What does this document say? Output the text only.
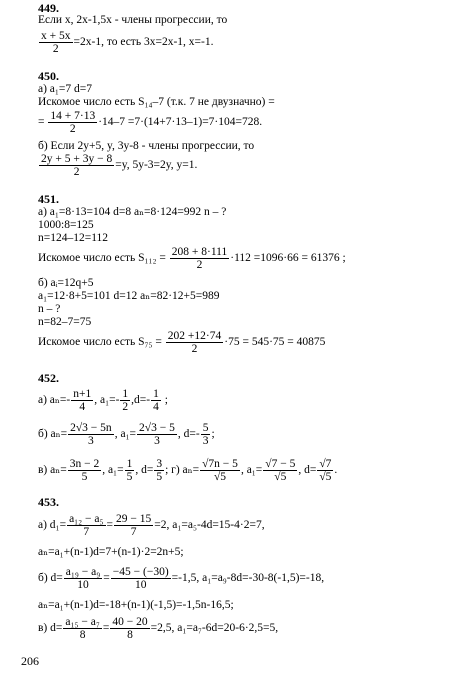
449.
Если x, 2x-1,5x - члены прогрессии, то
$\frac{x + 5x}{2} =2x-1$, то есть 3x=2x-1, x=-1.
450.
а) a₁=7 d=7
Искомое число есть S₁₄–7 (т.к. 7 не двузначно) =
= $\frac{14 + 7\cdot 13}{2} \cdot 14-7 =7\cdot(14+7\cdot 13-1)=7\cdot 104=728$.
б) Если 2y+5, y, 3y-8 - члены прогрессии, то
$\frac{2y + 5 + 3y - 8}{2} =y$, 5y-3=2y, y=1.
451.
а) a₁=8·13=104 d=8 aₙ=8·124=992 n – ?
1000:8=125
n=124–12=112
Искомое число есть $S_{112} = \frac{208 + 8\cdot 111}{2} \cdot 112 =1096\cdot 66 = 61376$ ;
б) aᵢ=12q+5
a₁=12·8+5=101 d=12 aₙ=82·12+5=989
n – ?
n=82–7=75
Искомое число есть $S_{75} = \frac{202 +12\cdot 74}{2} \cdot 75 = 545\cdot 75 = 40875$
452.
а) $a_n=- \frac{n+1}{4}$ , $a_1=- \frac{1}{2} ,d=- \frac{1}{4}$ ;
б) $a_n= \frac{2√3 - 5n}{3}$ , $a_1= \frac{2√3 - 5}{3}$ , $d=- \frac{5}{3}$ ;
в) $a_n= \frac{3n - 2}{5}$ , $a_1= \frac{1}{5}$ , $d= \frac{3}{5}$ ; г) $a_n= \frac{√7n - 5}{√5}$ , $a_1= \frac{√7 - 5}{√5}$ , $d= \frac{√7}{√5}$ .
453.
а) $d_1= \frac{\text{a₁₂ − a₅}}{7} = \frac{29 - 15}{7} =2$, a₁=a₅-4d=15-4·2=7,
aₙ=a₁+(n-1)d=7+(n-1)·2=2n+5;
б) $d= \frac{\text{a₁₉ − a₉}}{10} = \frac{-45 - (-30)}{10} =-1,5$, a₁=a₉-8d=-30-8(-1,5)=-18,
aₙ=a₁+(n-1)d=-18+(n-1)(-1,5)=-1,5n-16,5;
в) $d= \frac{\text{a₁₅ − a₇}}{8} = \frac{40 - 20}{8} =2,5$, a₁=a₇-6d=20-6·2,5=5,
206
